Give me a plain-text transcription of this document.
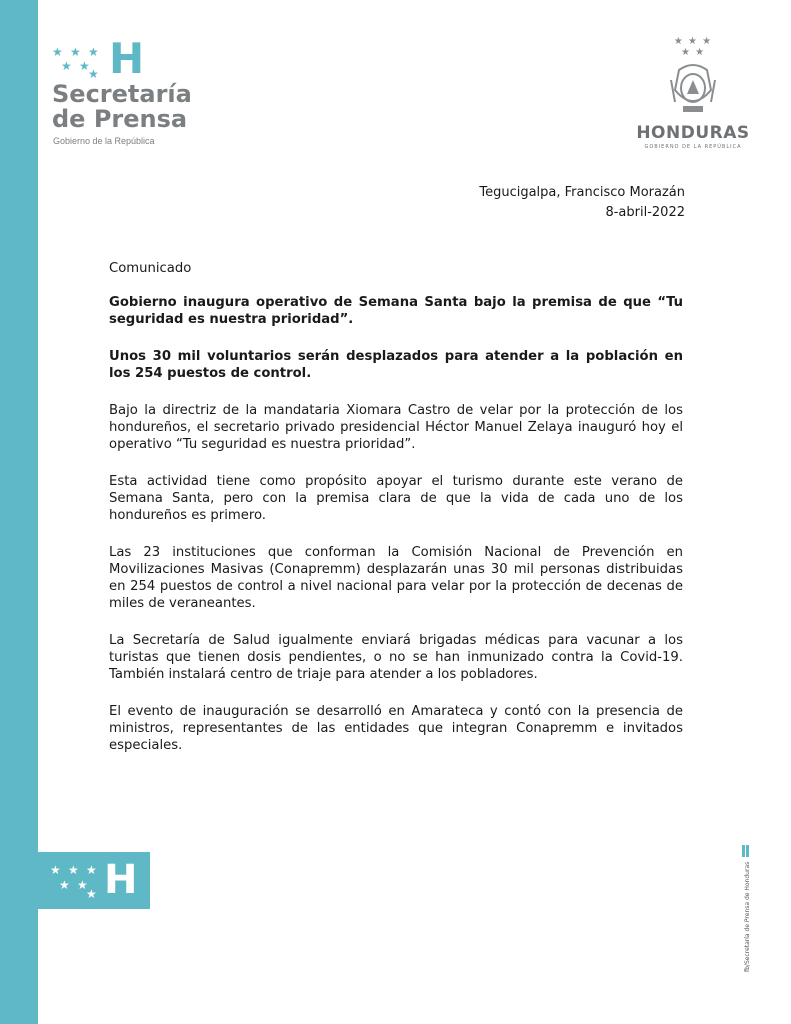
★ ★ ★
★ ★
★ H
Secretaría
de Prensa
Gobierno de la República
★ ★ ★
★ ★
HONDURAS
GOBIERNO DE LA REPÚBLICA
Tegucigalpa, Francisco Morazán
8-abril-2022

Comunicado

Gobierno inaugura operativo de Semana Santa bajo la premisa de que “Tu seguridad es nuestra prioridad”.

Unos 30 mil voluntarios serán desplazados para atender a la población en los 254 puestos de control.

Bajo la directriz de la mandataria Xiomara Castro de velar por la protección de los hondureños, el secretario privado presidencial Héctor Manuel Zelaya inauguró hoy el operativo “Tu seguridad es nuestra prioridad”.

Esta actividad tiene como propósito apoyar el turismo durante este verano de Semana Santa, pero con la premisa clara de que la vida de cada uno de los hondureños es primero.

Las 23 instituciones que conforman la Comisión Nacional de Prevención en Movilizaciones Masivas (Conapremm) desplazarán unas 30 mil personas distribuidas en 254 puestos de control a nivel nacional para velar por la protección de decenas de miles de veraneantes.

La Secretaría de Salud igualmente enviará brigadas médicas para vacunar a los turistas que tienen dosis pendientes, o no se han inmunizado contra la Covid-19. También instalará centro de triaje para atender a los pobladores.

El evento de inauguración se desarrolló en Amarateca y contó con la presencia de ministros, representantes de las entidades que integran Conapremm e invitados especiales.

★ ★ ★
★ ★
★ H	fb/Secretaría de Prensa de Honduras
